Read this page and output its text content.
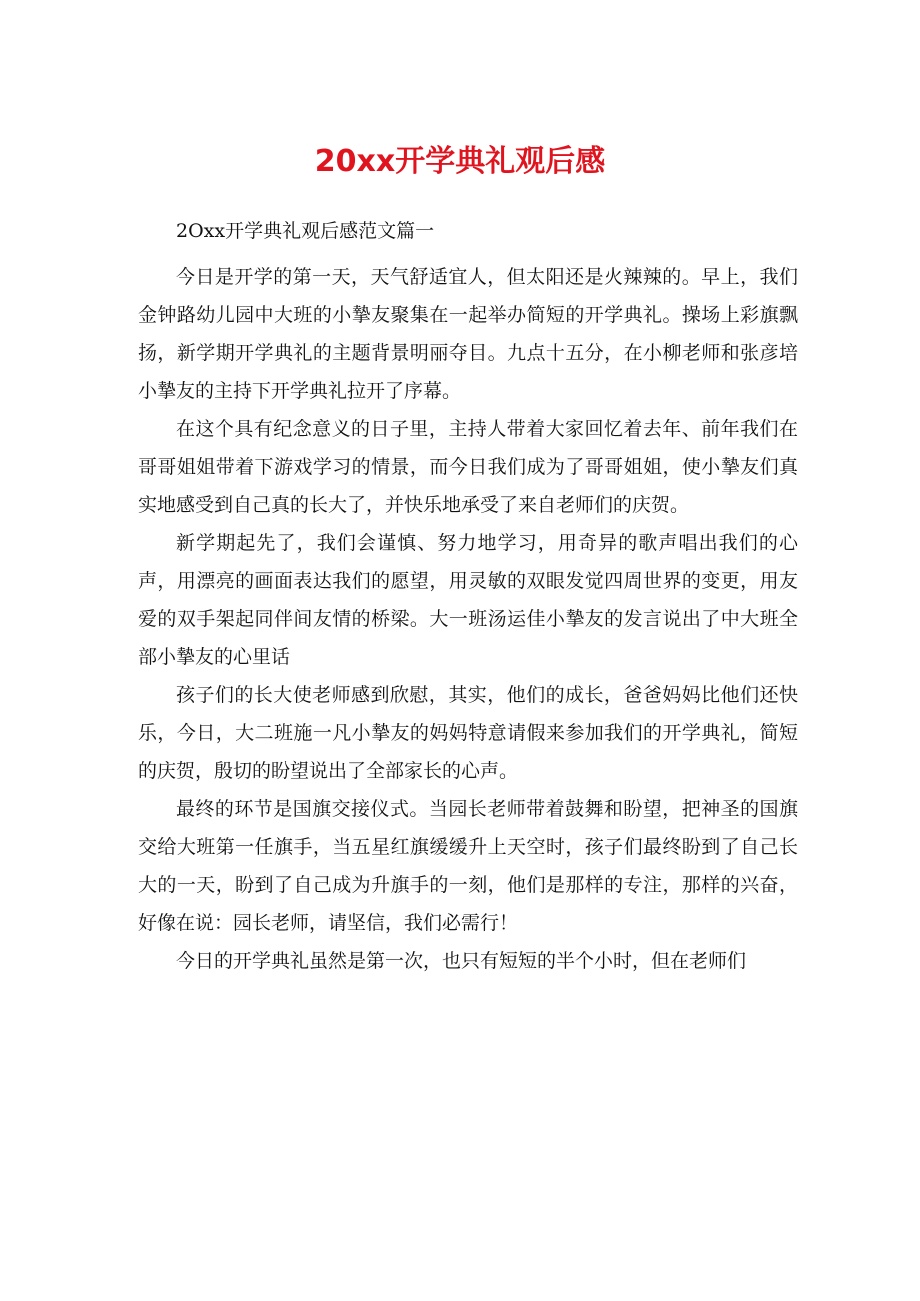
20xx开学典礼观后感

2Oxx开学典礼观后感范文篇一

今日是开学的第一天，天气舒适宜人，但太阳还是火辣辣的。早上，我们金钟路幼儿园中大班的小摯友聚集在一起举办简短的开学典礼。操场上彩旗飘扬，新学期开学典礼的主题背景明丽夺目。九点十五分，在小柳老师和张彦培小摯友的主持下开学典礼拉开了序幕。

在这个具有纪念意义的日子里，主持人带着大家回忆着去年、前年我们在哥哥姐姐带着下游戏学习的情景，而今日我们成为了哥哥姐姐，使小摯友们真实地感受到自己真的长大了，并快乐地承受了来自老师们的庆贺。

新学期起先了，我们会谨慎、努力地学习，用奇异的歌声唱出我们的心声，用漂亮的画面表达我们的愿望，用灵敏的双眼发觉四周世界的变更，用友爱的双手架起同伴间友情的桥梁。大一班汤运佳小摯友的发言说出了中大班全部小摯友的心里话

孩子们的长大使老师感到欣慰，其实，他们的成长，爸爸妈妈比他们还快乐，今日，大二班施一凡小摯友的妈妈特意请假来参加我们的开学典礼，简短的庆贺，殷切的盼望说出了全部家长的心声。

最终的环节是国旗交接仪式。当园长老师带着鼓舞和盼望，把神圣的国旗交给大班第一任旗手，当五星红旗缓缓升上天空时，孩子们最终盼到了自己长大的一天，盼到了自己成为升旗手的一刻，他们是那样的专注，那样的兴奋，好像在说：园长老师，请坚信，我们必需行！

今日的开学典礼虽然是第一次，也只有短短的半个小时，但在老师们
